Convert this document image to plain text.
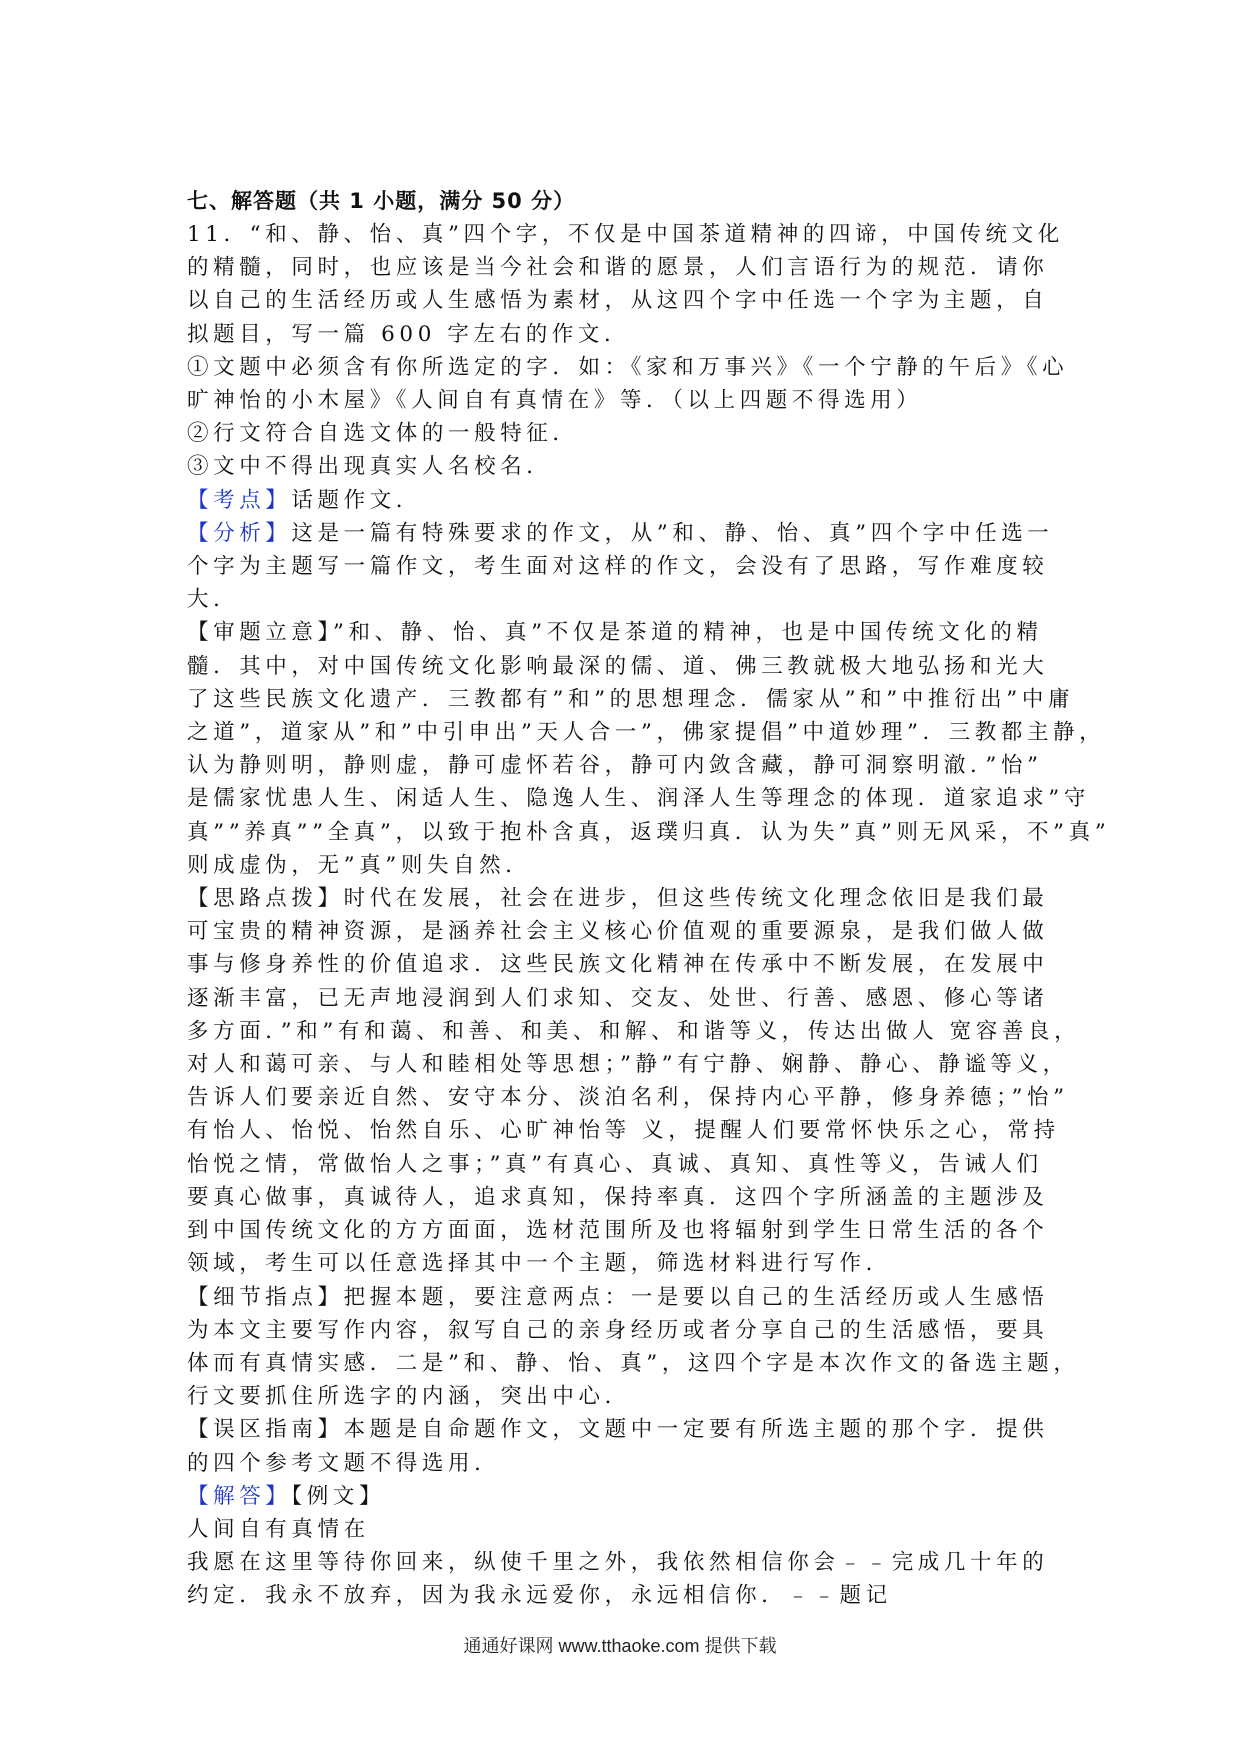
七、解答题（共 1 小题，满分 50 分）

11．“和、静、怡、真”四个字，不仅是中国茶道精神的四谛，中国传统文化

的精髓，同时，也应该是当今社会和谐的愿景，人们言语行为的规范．请你

以自己的生活经历或人生感悟为素材，从这四个字中任选一个字为主题，自

拟题目，写一篇 600 字左右的作文．

①文题中必须含有你所选定的字．如：《家和万事兴》《一个宁静的午后》《心

旷神怡的小木屋》《人间自有真情在》等．（以上四题不得选用）

②行文符合自选文体的一般特征．

③文中不得出现真实人名校名．

【考点】话题作文．

【分析】这是一篇有特殊要求的作文，从”和、静、怡、真”四个字中任选一

个字为主题写一篇作文，考生面对这样的作文，会没有了思路，写作难度较

大．

【审题立意】”和、静、怡、真”不仅是茶道的精神，也是中国传统文化的精

髓．其中，对中国传统文化影响最深的儒、道、佛三教就极大地弘扬和光大

了这些民族文化遗产．三教都有”和”的思想理念．儒家从”和”中推衍出”中庸

之道”，道家从”和”中引申出”天人合一”，佛家提倡”中道妙理”．三教都主静，

认为静则明，静则虚，静可虚怀若谷，静可内敛含藏，静可洞察明澈．”怡”

是儒家忧患人生、闲适人生、隐逸人生、润泽人生等理念的体现．道家追求”守

真””养真””全真”，以致于抱朴含真，返璞归真．认为失”真”则无风采，不”真”

则成虚伪，无”真”则失自然．

【思路点拨】时代在发展，社会在进步，但这些传统文化理念依旧是我们最

可宝贵的精神资源，是涵养社会主义核心价值观的重要源泉，是我们做人做

事与修身养性的价值追求．这些民族文化精神在传承中不断发展，在发展中

逐渐丰富，已无声地浸润到人们求知、交友、处世、行善、感恩、修心等诸

多方面．”和”有和蔼、和善、和美、和解、和谐等义，传达出做人 宽容善良，

对人和蔼可亲、与人和睦相处等思想；”静”有宁静、娴静、静心、静谧等义，

告诉人们要亲近自然、安守本分、淡泊名利，保持内心平静，修身养德；”怡”

有怡人、怡悦、怡然自乐、心旷神怡等 义，提醒人们要常怀快乐之心，常持

怡悦之情，常做怡人之事；”真”有真心、真诚、真知、真性等义，告诫人们

要真心做事，真诚待人，追求真知，保持率真．这四个字所涵盖的主题涉及

到中国传统文化的方方面面，选材范围所及也将辐射到学生日常生活的各个

领域，考生可以任意选择其中一个主题，筛选材料进行写作．

【细节指点】把握本题，要注意两点：一是要以自己的生活经历或人生感悟

为本文主要写作内容，叙写自己的亲身经历或者分享自己的生活感悟，要具

体而有真情实感．二是”和、静、怡、真”，这四个字是本次作文的备选主题，

行文要抓住所选字的内涵，突出中心．

【误区指南】本题是自命题作文，文题中一定要有所选主题的那个字．提供

的四个参考文题不得选用．

【解答】【例文】

人间自有真情在

我愿在这里等待你回来，纵使千里之外，我依然相信你会﹣﹣完成几十年的

约定．我永不放弃，因为我永远爱你，永远相信你．﹣﹣题记

通通好课网 www.tthaoke.com 提供下载
